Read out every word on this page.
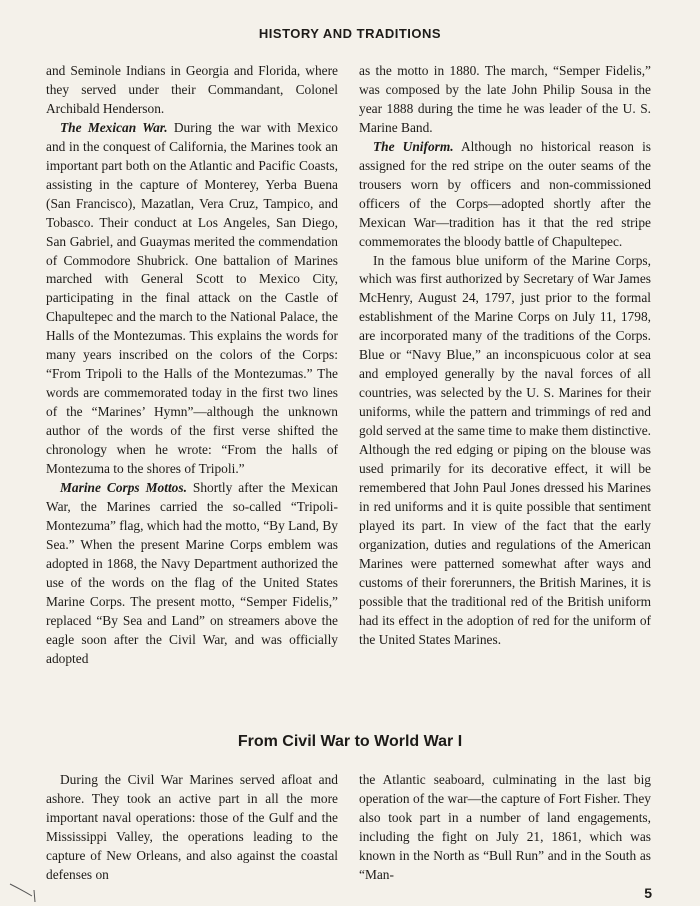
HISTORY AND TRADITIONS

and Seminole Indians in Georgia and Florida, where they served under their Commandant, Colonel Archibald Henderson.

The Mexican War. During the war with Mexico and in the conquest of California, the Marines took an important part both on the Atlantic and Pacific Coasts, assisting in the capture of Monterey, Yerba Buena (San Francisco), Mazatlan, Vera Cruz, Tampico, and Tobasco. Their conduct at Los Angeles, San Diego, San Gabriel, and Guaymas merited the commendation of Commodore Shubrick. One battalion of Marines marched with General Scott to Mexico City, participating in the final attack on the Castle of Chapultepec and the march to the National Palace, the Halls of the Montezumas. This explains the words for many years inscribed on the colors of the Corps: “From Tripoli to the Halls of the Montezumas.” The words are commemorated today in the first two lines of the “Marines’ Hymn”—although the unknown author of the words of the first verse shifted the chronology when he wrote: “From the halls of Montezuma to the shores of Tripoli.”

Marine Corps Mottos. Shortly after the Mexican War, the Marines carried the so-called “Tripoli-Montezuma” flag, which had the motto, “By Land, By Sea.” When the present Marine Corps emblem was adopted in 1868, the Navy Department authorized the use of the words on the flag of the United States Marine Corps. The present motto, “Semper Fidelis,” replaced “By Sea and Land” on streamers above the eagle soon after the Civil War, and was officially adopted

as the motto in 1880. The march, “Semper Fidelis,” was composed by the late John Philip Sousa in the year 1888 during the time he was leader of the U. S. Marine Band.

The Uniform. Although no historical reason is assigned for the red stripe on the outer seams of the trousers worn by officers and non-commissioned officers of the Corps—adopted shortly after the Mexican War—tradition has it that the red stripe commemorates the bloody battle of Chapultepec.

In the famous blue uniform of the Marine Corps, which was first authorized by Secretary of War James McHenry, August 24, 1797, just prior to the formal establishment of the Marine Corps on July 11, 1798, are incorporated many of the traditions of the Corps. Blue or “Navy Blue,” an inconspicuous color at sea and employed generally by the naval forces of all countries, was selected by the U. S. Marines for their uniforms, while the pattern and trimmings of red and gold served at the same time to make them distinctive. Although the red edging or piping on the blouse was used primarily for its decorative effect, it will be remembered that John Paul Jones dressed his Marines in red uniforms and it is quite possible that sentiment played its part. In view of the fact that the early organization, duties and regulations of the American Marines were patterned somewhat after ways and customs of their forerunners, the British Marines, it is possible that the traditional red of the British uniform had its effect in the adoption of red for the uniform of the United States Marines.

From Civil War to World War I

During the Civil War Marines served afloat and ashore. They took an active part in all the more important naval operations: those of the Gulf and the Mississippi Valley, the operations leading to the capture of New Orleans, and also against the coastal defenses on

the Atlantic seaboard, culminating in the last big operation of the war—the capture of Fort Fisher. They also took part in a number of land engagements, including the fight on July 21, 1861, which was known in the North as “Bull Run” and in the South as “Man-

5
